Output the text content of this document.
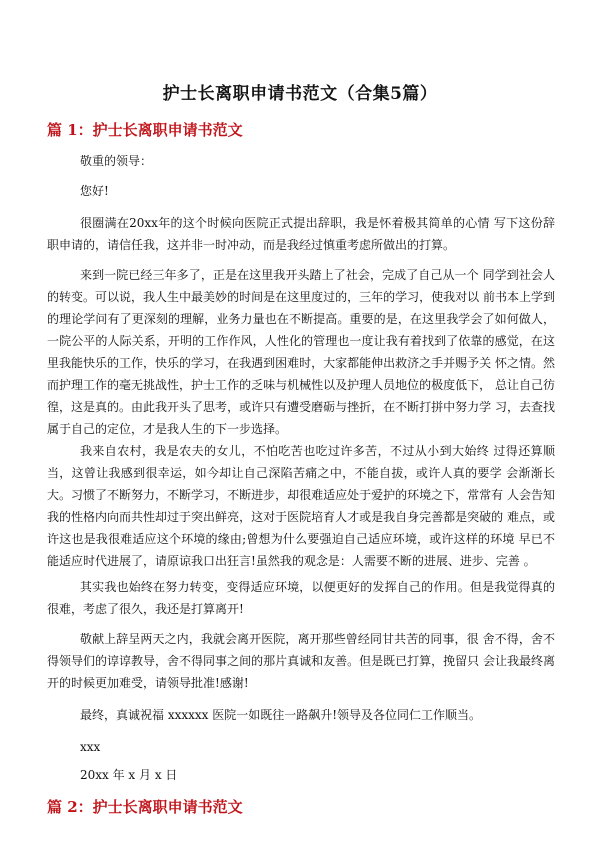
护士长离职申请书范文（合集5篇）
篇 1：护士长离职申请书范文

敬重的领导：

您好!

很圈满在20xx年的这个时候向医院正式提出辞职，我是怀着极其简单的心情 写下这份辞职申请的，请信任我，这并非一时冲动，而是我经过慎重考虑所做出的打算。

来到一院已经三年多了，正是在这里我开头踏上了社会，完成了自己从一个 同学到社会人的转变。可以说，我人生中最美妙的时间是在这里度过的，三年的学习，使我对以 前书本上学到的理论学问有了更深刻的理解，业务力量也在不断提高。重要的是，在这里我学会了如何做人，一院公平的人际关系，开明的工作作风，人性化的管理也一度让我有着找到了依靠的感觉，在这里我能快乐的工作，快乐的学习，在我遇到困难时，大家都能伸出救济之手并赐予关 怀之情。然而护理工作的毫无挑战性，护士工作的乏味与机械性以及护理人员地位的极度低下， 总让自己彷徨，这是真的。由此我开头了思考，或许只有遭受磨砺与挫折，在不断打拼中努力学 习，去查找属于自己的定位，才是我人生的下一步选择。

我来自农村，我是农夫的女儿，不怕吃苦也吃过许多苦，不过从小到大始终 过得还算顺当，这曾让我感到很幸运，如今却让自己深陷苦痛之中，不能自拔，或许人真的要学 会渐渐长大。习惯了不断努力，不断学习，不断进步，却很难适应处于爱护的环境之下，常常有 人会告知我的性格内向而共性却过于突出鲜亮，这对于医院培育人才或是我自身完善都是突破的 难点，或许这也是我很难适应这个环境的缘由;曾想为什么要强迫自己适应环境，或许这样的环境 早已不能适应时代进展了，请原谅我口出狂言!虽然我的观念是：人需要不断的进展、进步、完善 。

其实我也始终在努力转变，变得适应环境，以便更好的发挥自己的作用。但是我觉得真的很难，考虑了很久，我还是打算离开!

敬献上辞呈两天之内，我就会离开医院，离开那些曾经同甘共苦的同事，很 舍不得，舍不得领导们的谆谆教导，舍不得同事之间的那片真诚和友善。但是既已打算，挽留只 会让我最终离开的时候更加难受，请领导批准!感谢!

最终，真诚祝福 xxxxxx 医院一如既往一路飙升!领导及各位同仁工作顺当。

xxx

20xx 年 x 月 x 日

篇 2：护士长离职申请书范文
